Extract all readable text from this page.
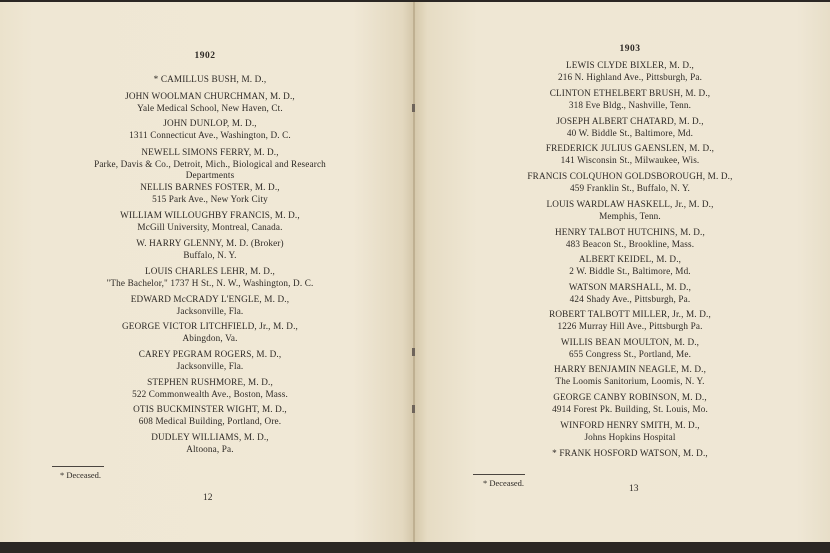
1902
* CAMILLUS BUSH, M. D.,
JOHN WOOLMAN CHURCHMAN, M. D.,
Yale Medical School, New Haven, Ct.
JOHN DUNLOP, M. D.,
1311 Connecticut Ave., Washington, D. C.
NEWELL SIMONS FERRY, M. D.,
Parke, Davis & Co., Detroit, Mich., Biological and Research
Departments
NELLIS BARNES FOSTER, M. D.,
515 Park Ave., New York City
WILLIAM WILLOUGHBY FRANCIS, M. D.,
McGill University, Montreal, Canada.
W. HARRY GLENNY, M. D. (Broker)
Buffalo, N. Y.
LOUIS CHARLES LEHR, M. D.,
"The Bachelor," 1737 H St., N. W., Washington, D. C.
EDWARD McCRADY L'ENGLE, M. D.,
Jacksonville, Fla.
GEORGE VICTOR LITCHFIELD, Jr., M. D.,
Abingdon, Va.
CAREY PEGRAM ROGERS, M. D.,
Jacksonville, Fla.
STEPHEN RUSHMORE, M. D.,
522 Commonwealth Ave., Boston, Mass.
OTIS BUCKMINSTER WIGHT, M. D.,
608 Medical Building, Portland, Ore.
DUDLEY WILLIAMS, M. D.,
Altoona, Pa.
* Deceased.
12
1903
LEWIS CLYDE BIXLER, M. D.,
216 N. Highland Ave., Pittsburgh, Pa.
CLINTON ETHELBERT BRUSH, M. D.,
318 Eve Bldg., Nashville, Tenn.
JOSEPH ALBERT CHATARD, M. D.,
40 W. Biddle St., Baltimore, Md.
FREDERICK JULIUS GAENSLEN, M. D.,
141 Wisconsin St., Milwaukee, Wis.
FRANCIS COLQUHON GOLDSBOROUGH, M. D.,
459 Franklin St., Buffalo, N. Y.
LOUIS WARDLAW HASKELL, Jr., M. D.,
Memphis, Tenn.
HENRY TALBOT HUTCHINS, M. D.,
483 Beacon St., Brookline, Mass.
ALBERT KEIDEL, M. D.,
2 W. Biddle St., Baltimore, Md.
WATSON MARSHALL, M. D.,
424 Shady Ave., Pittsburgh, Pa.
ROBERT TALBOTT MILLER, Jr., M. D.,
1226 Murray Hill Ave., Pittsburgh Pa.
WILLIS BEAN MOULTON, M. D.,
655 Congress St., Portland, Me.
HARRY BENJAMIN NEAGLE, M. D.,
The Loomis Sanitorium, Loomis, N. Y.
GEORGE CANBY ROBINSON, M. D.,
4914 Forest Pk. Building, St. Louis, Mo.
WINFORD HENRY SMITH, M. D.,
Johns Hopkins Hospital
* FRANK HOSFORD WATSON, M. D.,
* Deceased.
13
